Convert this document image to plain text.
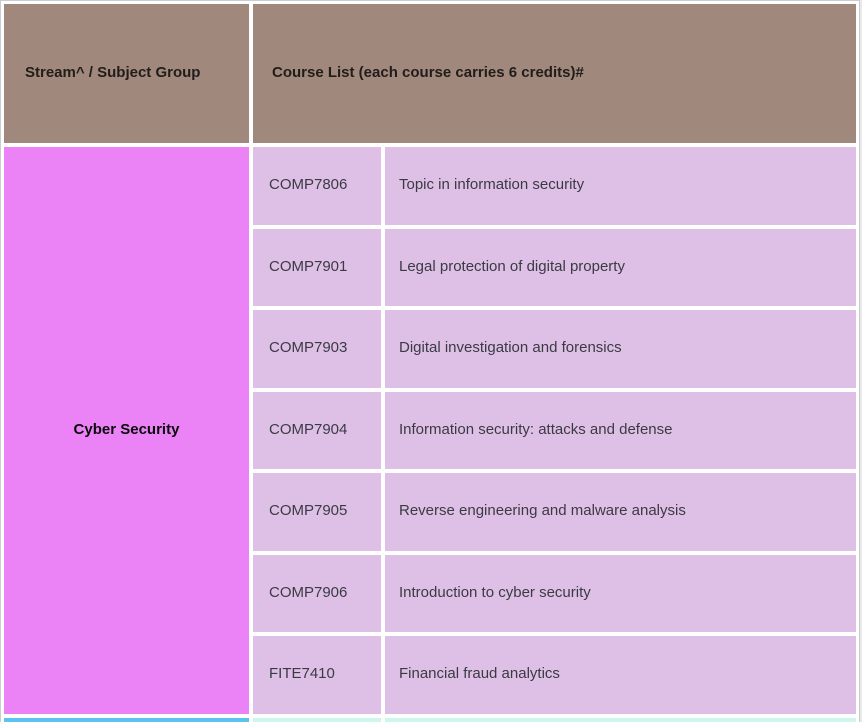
Stream^ / Subject Group	Course List (each course carries 6 credits)#
Cyber Security
COMP7806	Topic in information security
COMP7901	Legal protection of digital property
COMP7903	Digital investigation and forensics
COMP7904	Information security: attacks and defense
COMP7905	Reverse engineering and malware analysis
COMP7906	Introduction to cyber security
FITE7410	Financial fraud analytics
